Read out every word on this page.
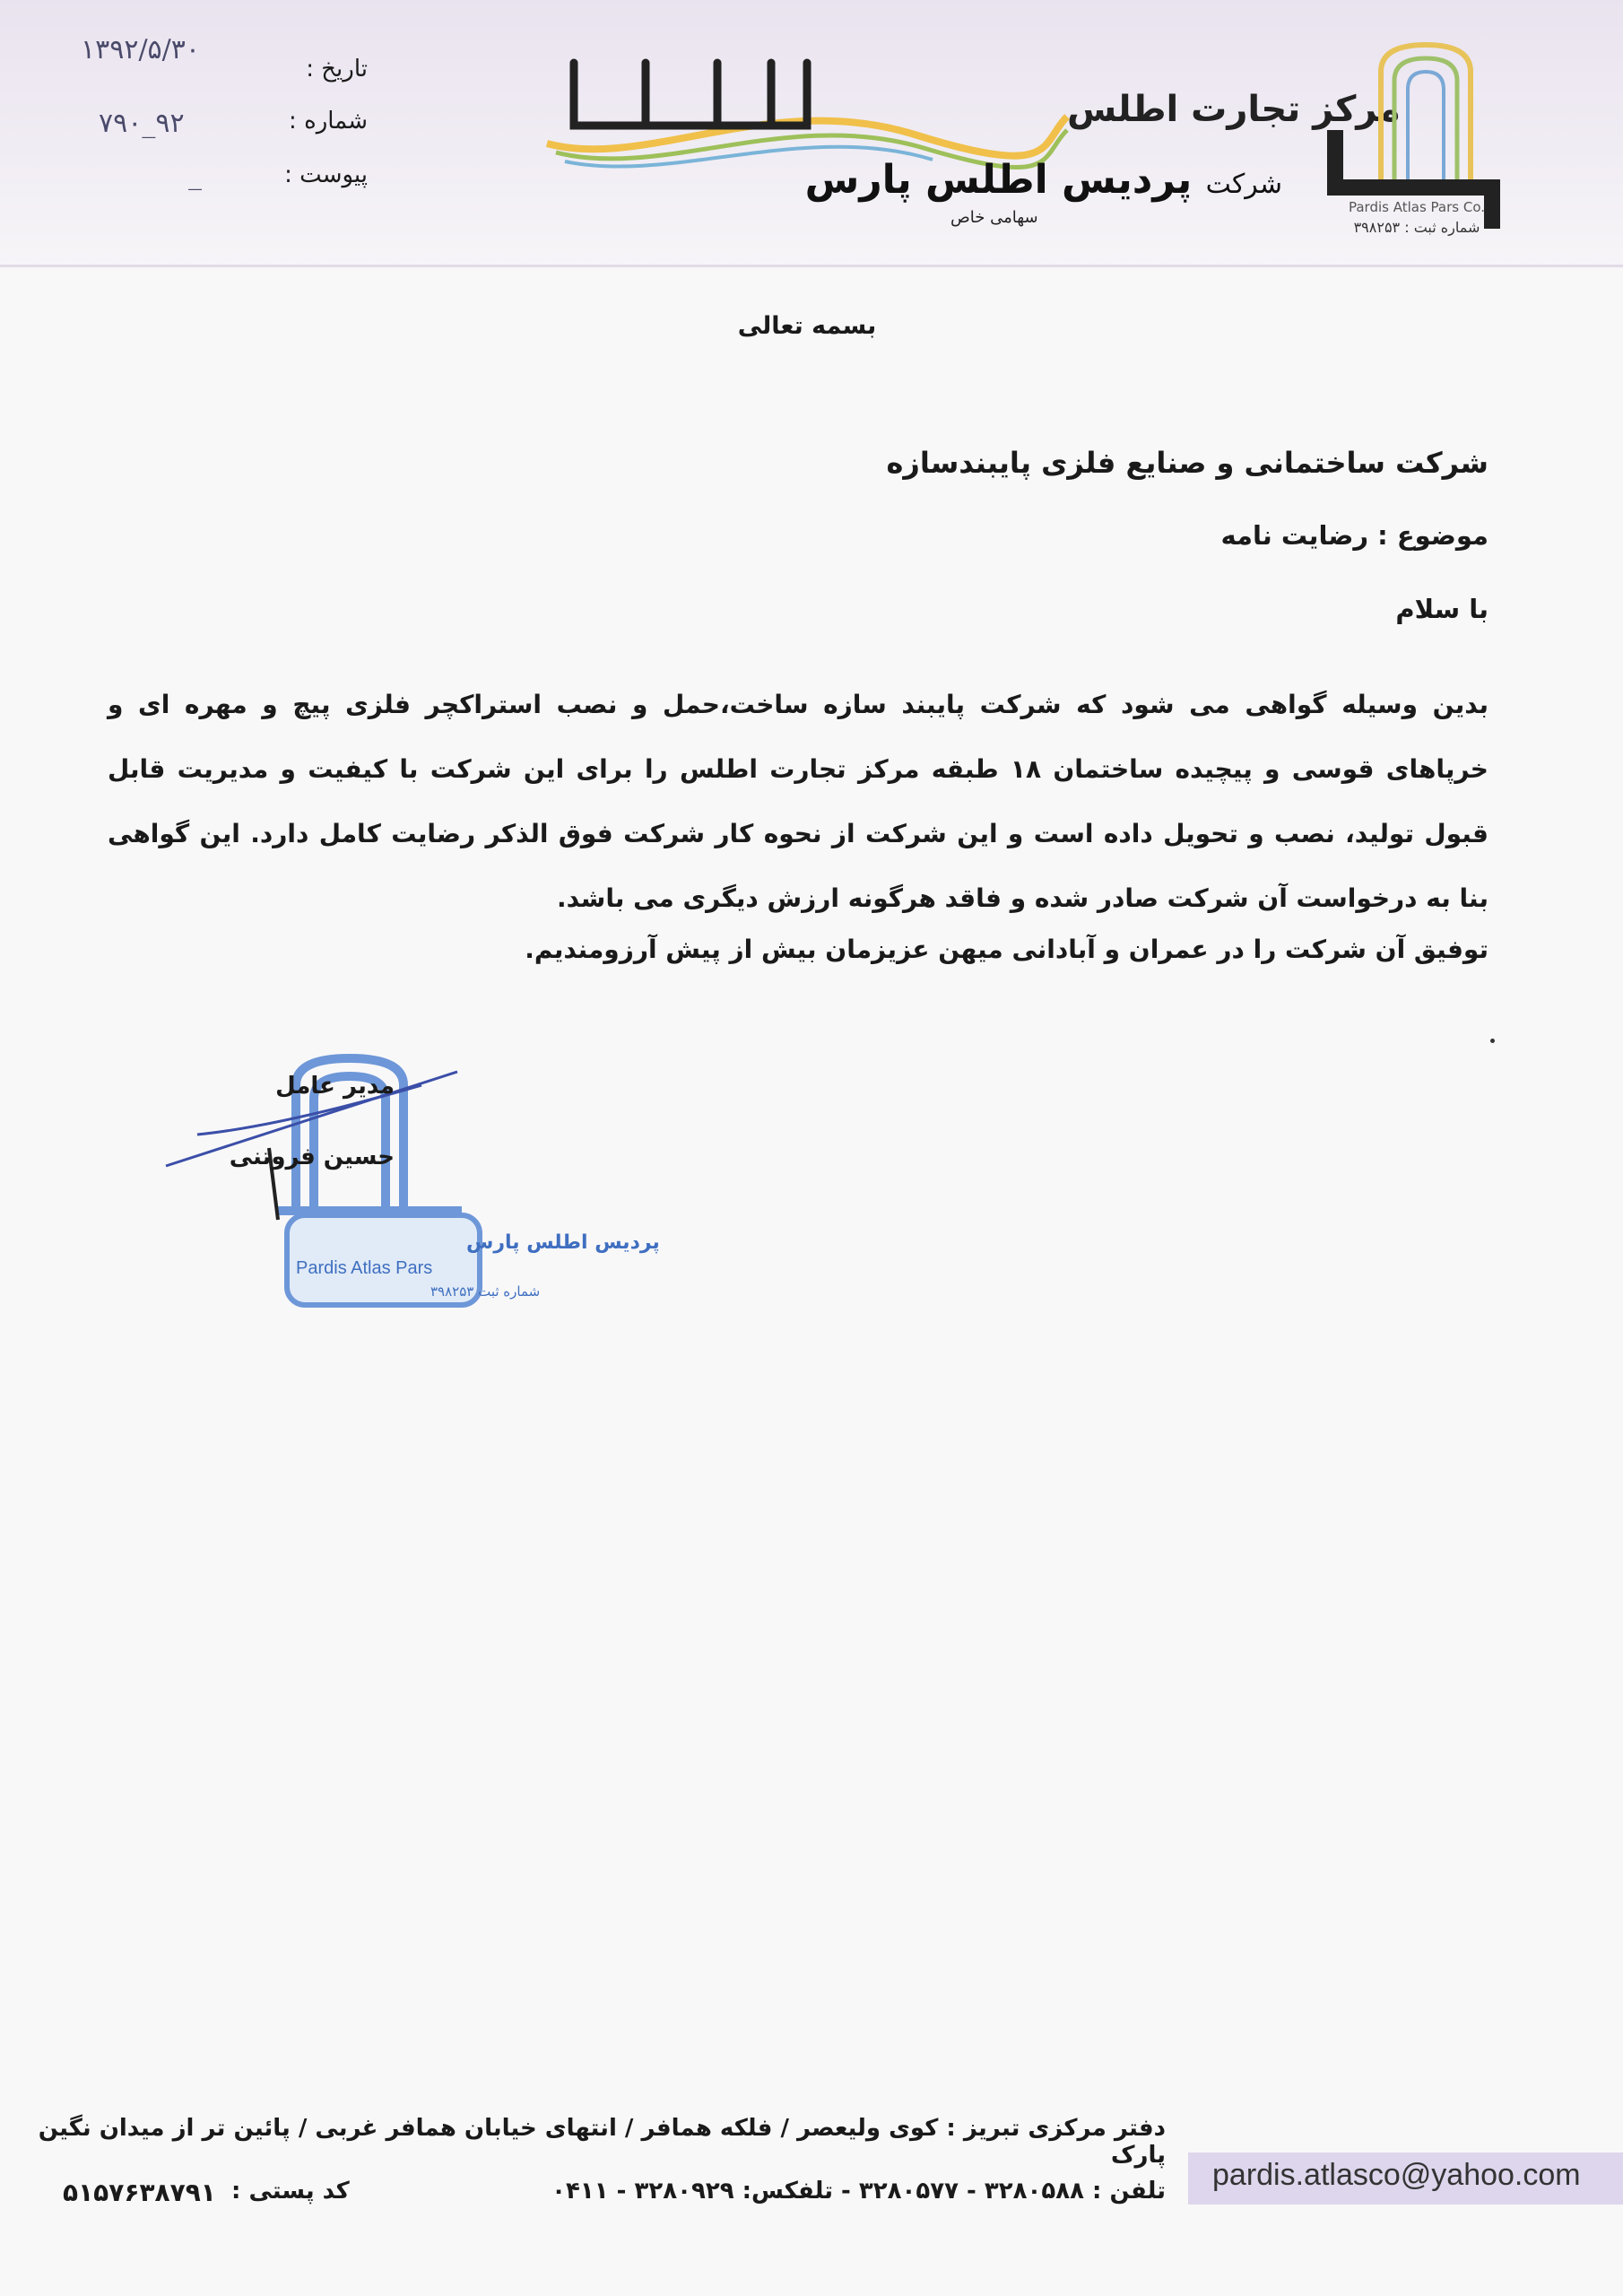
تاریخ :
۱۳۹۲/۵/۳۰
شماره :
۹۲_۷۹۰
پیوست :
_
مرکز تجارت اطلس
شرکت پردیس اطلس پارس
سهامی خاص
Pardis Atlas Pars Co.
شماره ثبت : ۳۹۸۲۵۳
بسمه تعالی
شرکت ساختمانی و صنایع فلزی پایبندسازه
موضوع : رضایت نامه
با سلام
بدین وسیله گواهی می شود که شرکت پایبند سازه ساخت،حمل و نصب استراکچر فلزی پیچ و مهره ای و خرپاهای قوسی و پیچیده ساختمان ۱۸ طبقه مرکز تجارت اطلس را برای این شرکت با کیفیت و مدیریت قابل قبول تولید، نصب و تحویل داده است و این شرکت از نحوه کار شرکت فوق الذکر رضایت کامل دارد. این گواهی بنا به درخواست آن شرکت صادر شده و فاقد هرگونه ارزش دیگری می باشد.
توفیق آن شرکت را در عمران و آبادانی میهن عزیزمان بیش از پیش آرزومندیم.
پردیس اطلس پارس
Pardis Atlas Pars
شماره ثبت ۳۹۸۲۵۳
مدیر عامل
حسین فروتنی
دفتر مرکزی تبریز : کوی ولیعصر / فلکه همافر / انتهای خیابان همافر غربی / پائین تر از میدان نگین پارک
تلفن : ۳۲۸۰۵۸۸ - ۳۲۸۰۵۷۷ - تلفکس: ۳۲۸۰۹۲۹ - ۰۴۱۱
کد پستی :
۵۱۵۷۶۳۸۷۹۱
pardis.atlasco@yahoo.com
